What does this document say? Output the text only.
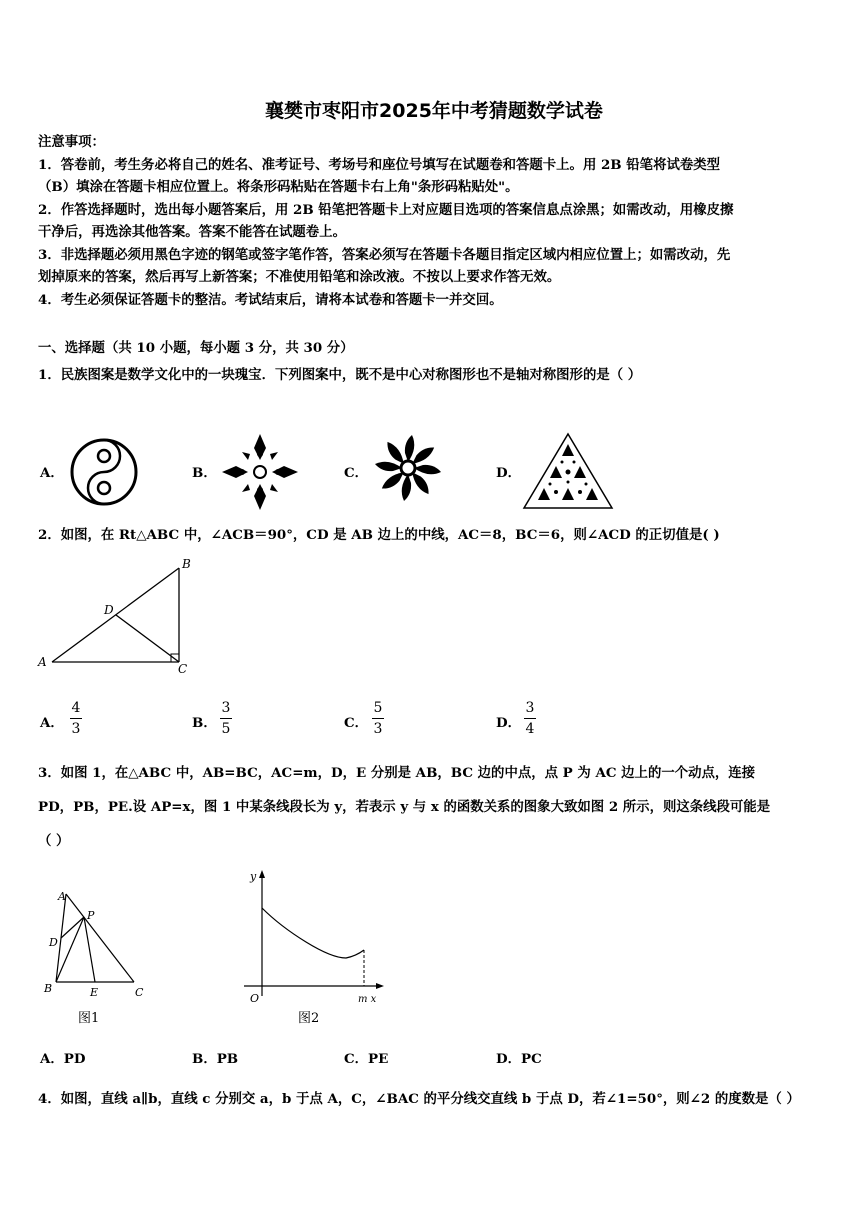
襄樊市枣阳市2025年中考猜题数学试卷
注意事项：
1．答卷前，考生务必将自己的姓名、准考证号、考场号和座位号填写在试题卷和答题卡上。用 2B 铅笔将试卷类型
（B）填涂在答题卡相应位置上。将条形码粘贴在答题卡右上角"条形码粘贴处"。
2．作答选择题时，选出每小题答案后，用 2B 铅笔把答题卡上对应题目选项的答案信息点涂黑；如需改动，用橡皮擦
干净后，再选涂其他答案。答案不能答在试题卷上。
3．非选择题必须用黑色字迹的钢笔或签字笔作答，答案必须写在答题卡各题目指定区域内相应位置上；如需改动，先
划掉原来的答案，然后再写上新答案；不准使用铅笔和涂改液。不按以上要求作答无效。
4．考生必须保证答题卡的整洁。考试结束后，请将本试卷和答题卡一并交回。
一、选择题（共 10 小题，每小题 3 分，共 30 分）
1．民族图案是数学文化中的一块瑰宝．下列图案中，既不是中心对称图形也不是轴对称图形的是（ ）
A．	B．	C．	D．
2．如图，在 Rt△ABC 中，∠ACB＝90°，CD 是 AB 边上的中线，AC＝8，BC＝6，则∠ACD 的正切值是( )
A
B
C
D
A．
4
3	B．
3
5	C．
5
3	D．
3
4
3．如图 1，在△ABC 中，AB=BC，AC=m，D，E 分别是 AB，BC 边的中点，点 P 为 AC 边上的一个动点，连接
PD，PB，PE.设 AP=x，图 1 中某条线段长为 y，若表示 y 与 x 的函数关系的图象大致如图 2 所示，则这条线段可能是
（ ）
A
P
D
B	E	C
图1
y
O	m x
图2
A．PD	B．PB	C．PE	D．PC
4．如图，直线 a∥b，直线 c 分别交 a，b 于点 A，C，∠BAC 的平分线交直线 b 于点 D，若∠1=50°，则∠2 的度数是（ ）
